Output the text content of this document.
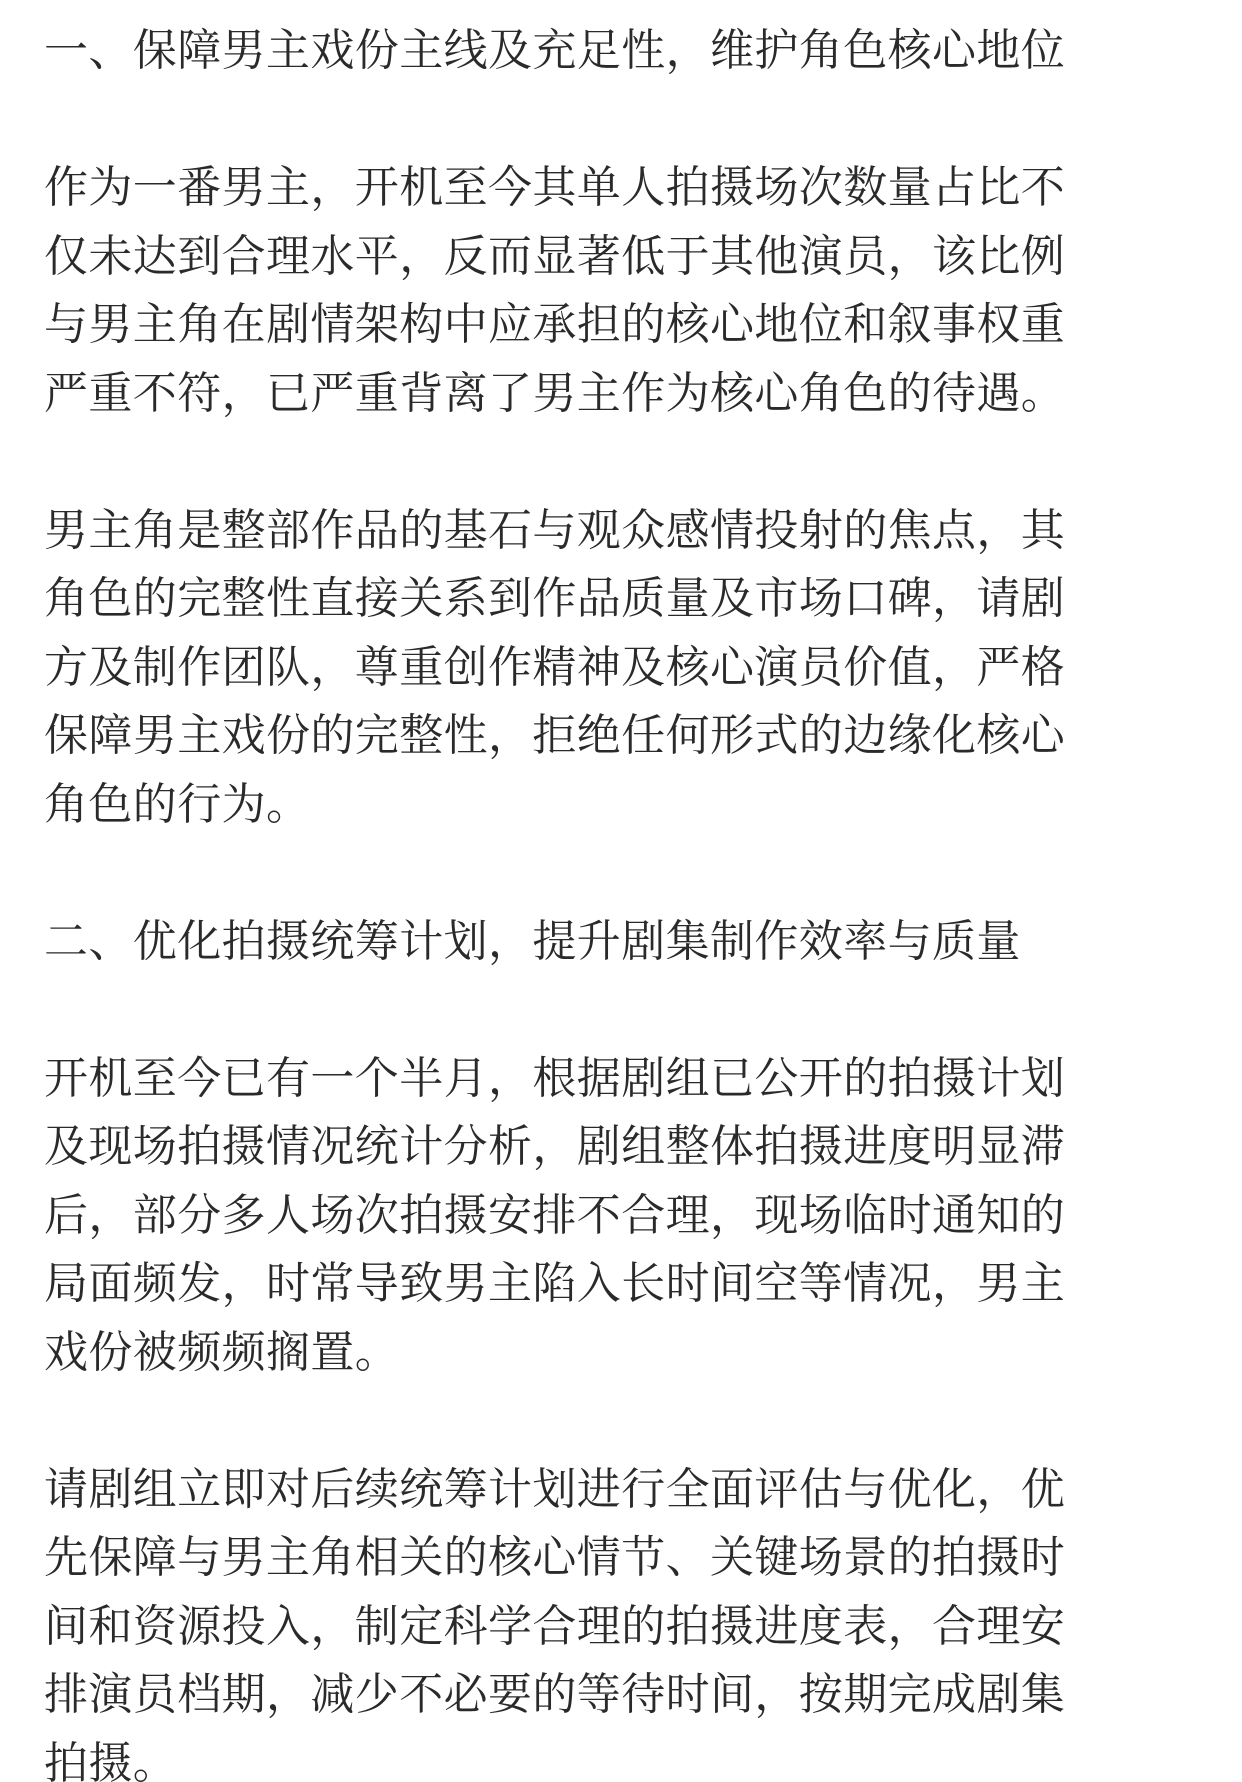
一、保障男主戏份主线及充足性，维护角色核心地位

作为一番男主，开机至今其单人拍摄场次数量占比不
仅未达到合理水平，反而显著低于其他演员，该比例
与男主角在剧情架构中应承担的核心地位和叙事权重
严重不符，已严重背离了男主作为核心角色的待遇。

男主角是整部作品的基石与观众感情投射的焦点，其
角色的完整性直接关系到作品质量及市场口碑，请剧
方及制作团队，尊重创作精神及核心演员价值，严格
保障男主戏份的完整性，拒绝任何形式的边缘化核心
角色的行为。

二、优化拍摄统筹计划，提升剧集制作效率与质量

开机至今已有一个半月，根据剧组已公开的拍摄计划
及现场拍摄情况统计分析，剧组整体拍摄进度明显滞
后，部分多人场次拍摄安排不合理，现场临时通知的
局面频发，时常导致男主陷入长时间空等情况，男主
戏份被频频搁置。

请剧组立即对后续统筹计划进行全面评估与优化，优
先保障与男主角相关的核心情节、关键场景的拍摄时
间和资源投入，制定科学合理的拍摄进度表，合理安
排演员档期，减少不必要的等待时间，按期完成剧集
拍摄。
